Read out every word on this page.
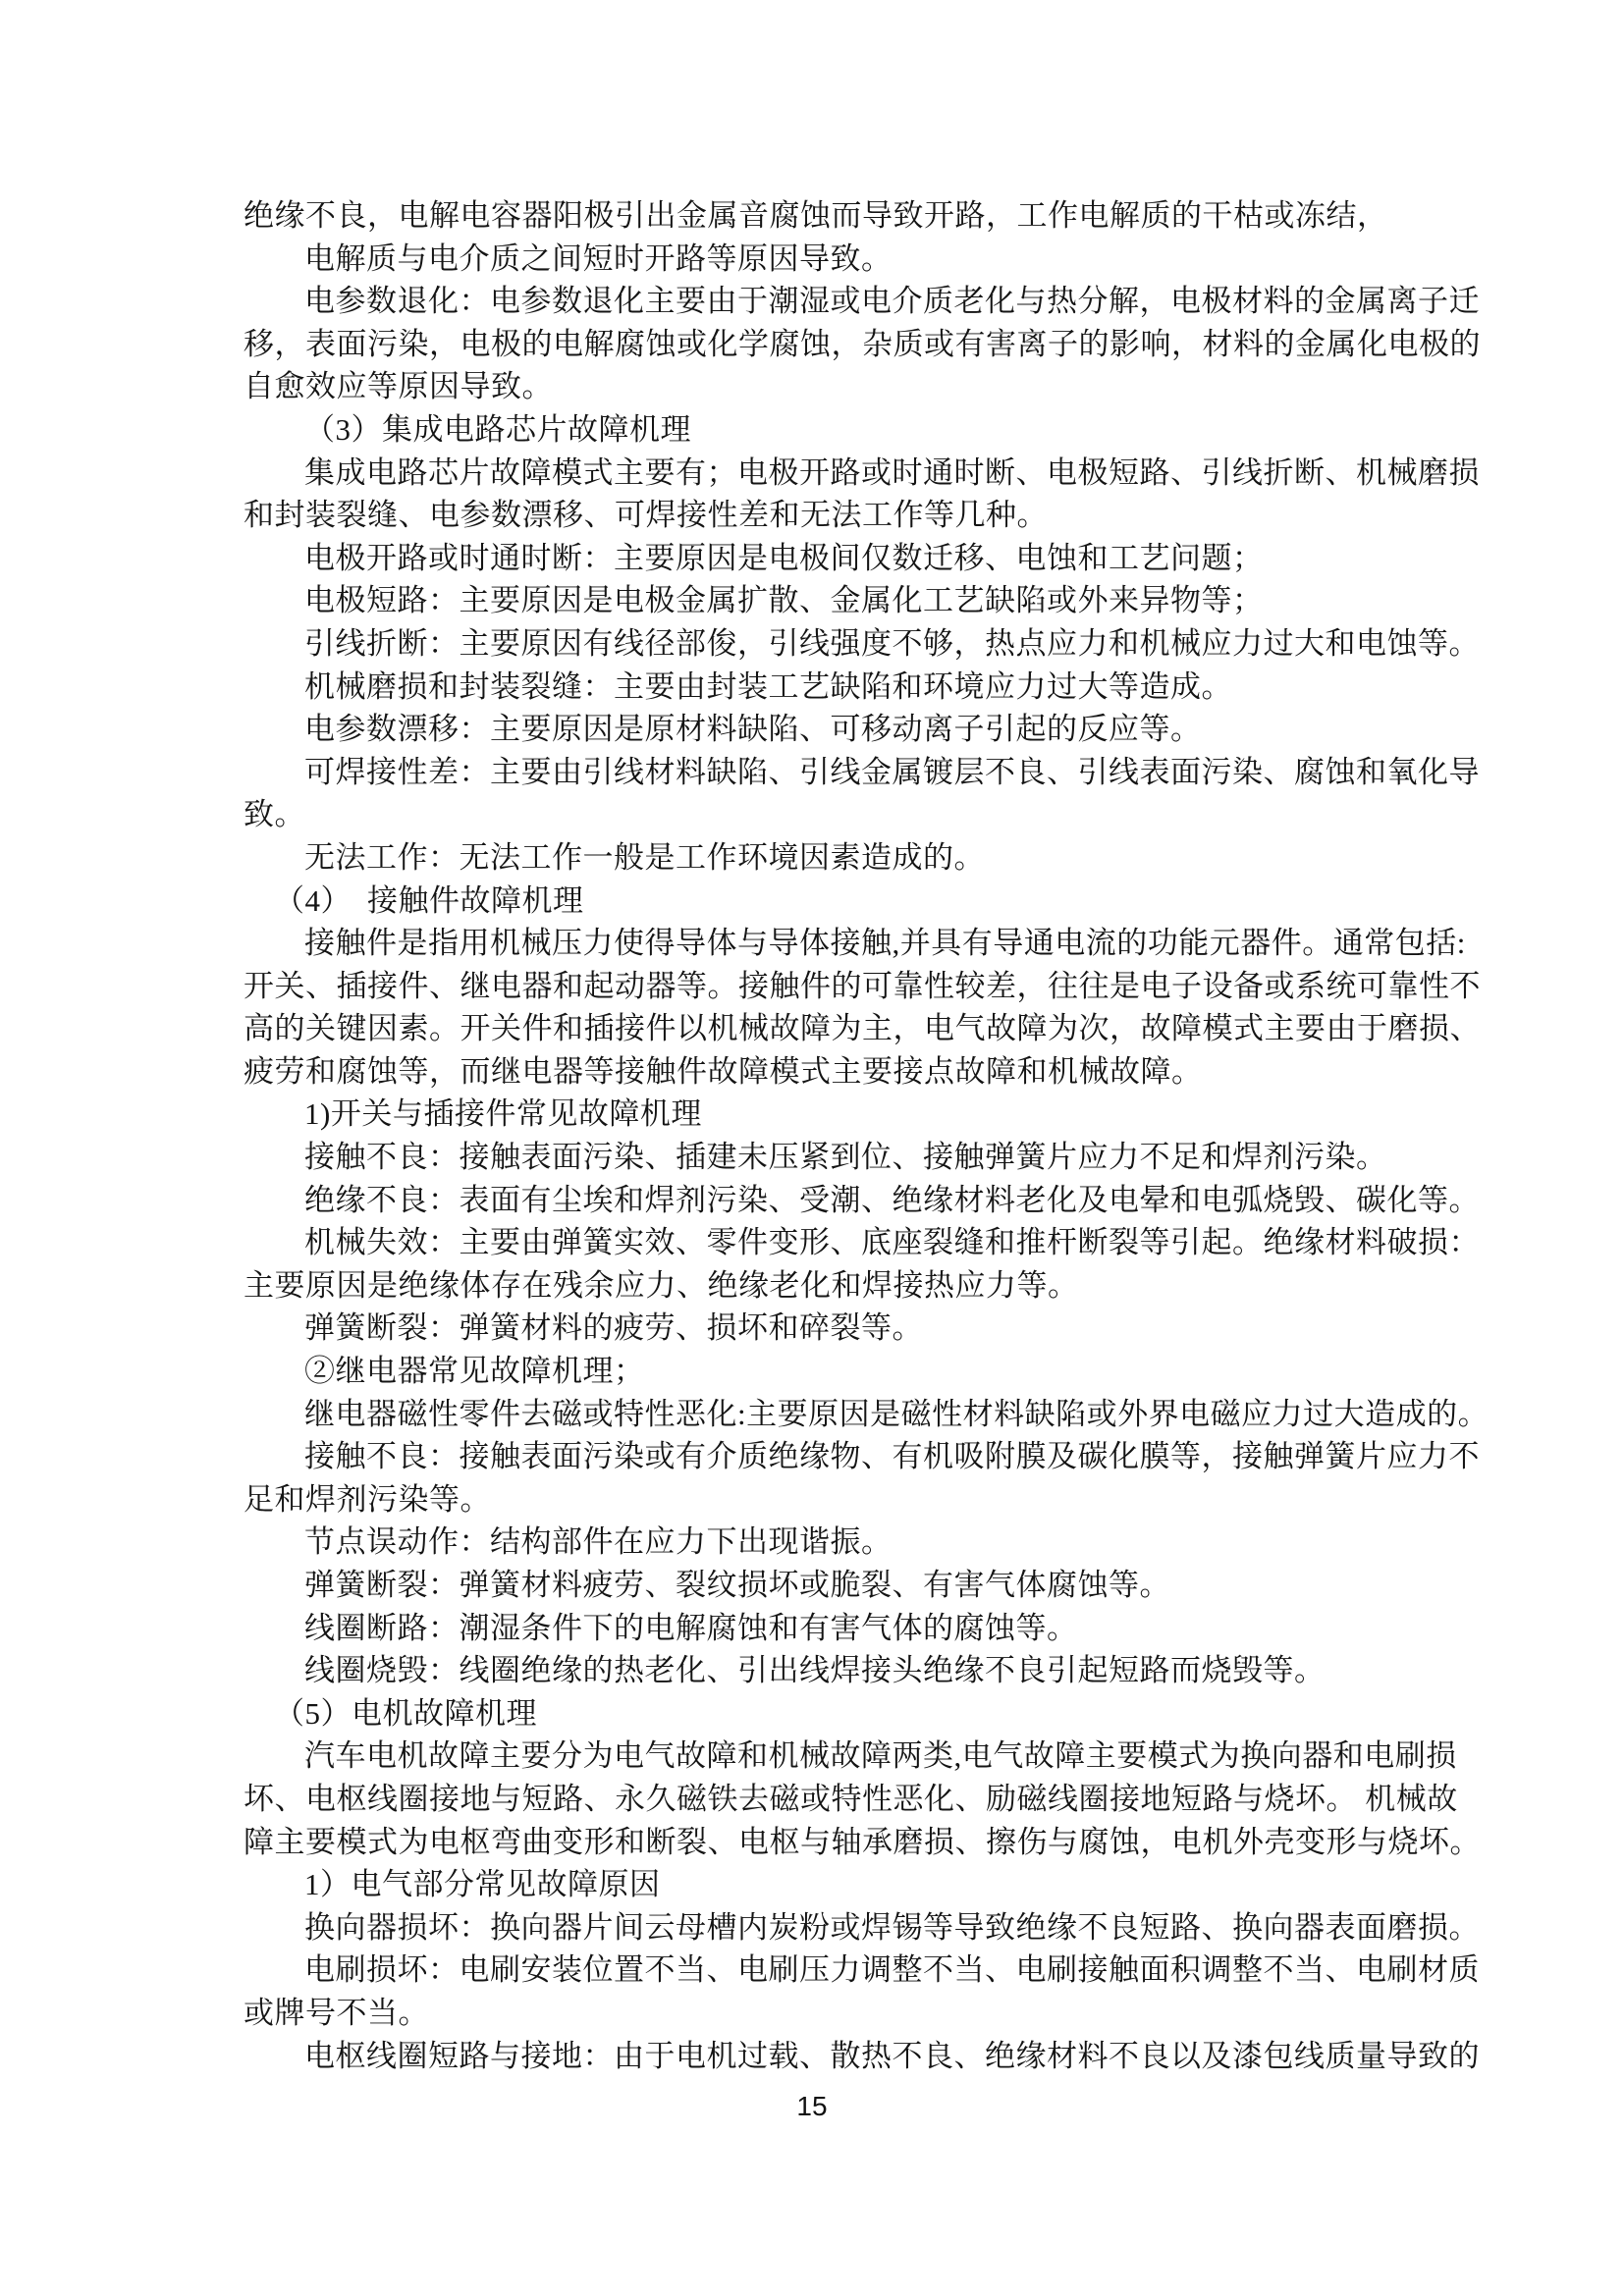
绝缘不良，电解电容器阳极引出金属音腐蚀而导致开路，工作电解质的干枯或冻结，
电解质与电介质之间短时开路等原因导致。
电参数退化：电参数退化主要由于潮湿或电介质老化与热分解，电极材料的金属离子迁
移，表面污染，电极的电解腐蚀或化学腐蚀，杂质或有害离子的影响，材料的金属化电极的
自愈效应等原因导致。
（3）集成电路芯片故障机理
集成电路芯片故障模式主要有；电极开路或时通时断、电极短路、引线折断、机械磨损
和封装裂缝、电参数漂移、可焊接性差和无法工作等几种。
电极开路或时通时断：主要原因是电极间仅数迁移、电蚀和工艺问题；
电极短路：主要原因是电极金属扩散、金属化工艺缺陷或外来异物等；
引线折断：主要原因有线径部俊，引线强度不够，热点应力和机械应力过大和电蚀等。
机械磨损和封装裂缝：主要由封装工艺缺陷和环境应力过大等造成。
电参数漂移：主要原因是原材料缺陷、可移动离子引起的反应等。
可焊接性差：主要由引线材料缺陷、引线金属镀层不良、引线表面污染、腐蚀和氧化导
致。
无法工作：无法工作一般是工作环境因素造成的。
（4）　接触件故障机理
接触件是指用机械压力使得导体与导体接触,并具有导通电流的功能元器件。通常包括:
开关、插接件、继电器和起动器等。接触件的可靠性较差，往往是电子设备或系统可靠性不
高的关键因素。开关件和插接件以机械故障为主，电气故障为次，故障模式主要由于磨损、
疲劳和腐蚀等，而继电器等接触件故障模式主要接点故障和机械故障。
1)开关与插接件常见故障机理
接触不良：接触表面污染、插建未压紧到位、接触弹簧片应力不足和焊剂污染。
绝缘不良：表面有尘埃和焊剂污染、受潮、绝缘材料老化及电晕和电弧烧毁、碳化等。
机械失效：主要由弹簧实效、零件变形、底座裂缝和推杆断裂等引起。绝缘材料破损：
主要原因是绝缘体存在残余应力、绝缘老化和焊接热应力等。
弹簧断裂：弹簧材料的疲劳、损坏和碎裂等。
②继电器常见故障机理；
继电器磁性零件去磁或特性恶化:主要原因是磁性材料缺陷或外界电磁应力过大造成的。
接触不良：接触表面污染或有介质绝缘物、有机吸附膜及碳化膜等，接触弹簧片应力不
足和焊剂污染等。
节点误动作：结构部件在应力下出现谐振。
弹簧断裂：弹簧材料疲劳、裂纹损坏或脆裂、有害气体腐蚀等。
线圈断路：潮湿条件下的电解腐蚀和有害气体的腐蚀等。
线圈烧毁：线圈绝缘的热老化、引出线焊接头绝缘不良引起短路而烧毁等。
（5）电机故障机理
汽车电机故障主要分为电气故障和机械故障两类,电气故障主要模式为换向器和电刷损
坏、电枢线圈接地与短路、永久磁铁去磁或特性恶化、励磁线圈接地短路与烧坏。 机械故
障主要模式为电枢弯曲变形和断裂、电枢与轴承磨损、擦伤与腐蚀，电机外壳变形与烧坏。
1）电气部分常见故障原因
换向器损坏：换向器片间云母槽内炭粉或焊锡等导致绝缘不良短路、换向器表面磨损。
电刷损坏：电刷安装位置不当、电刷压力调整不当、电刷接触面积调整不当、电刷材质
或牌号不当。
电枢线圈短路与接地：由于电机过载、散热不良、绝缘材料不良以及漆包线质量导致的
15
